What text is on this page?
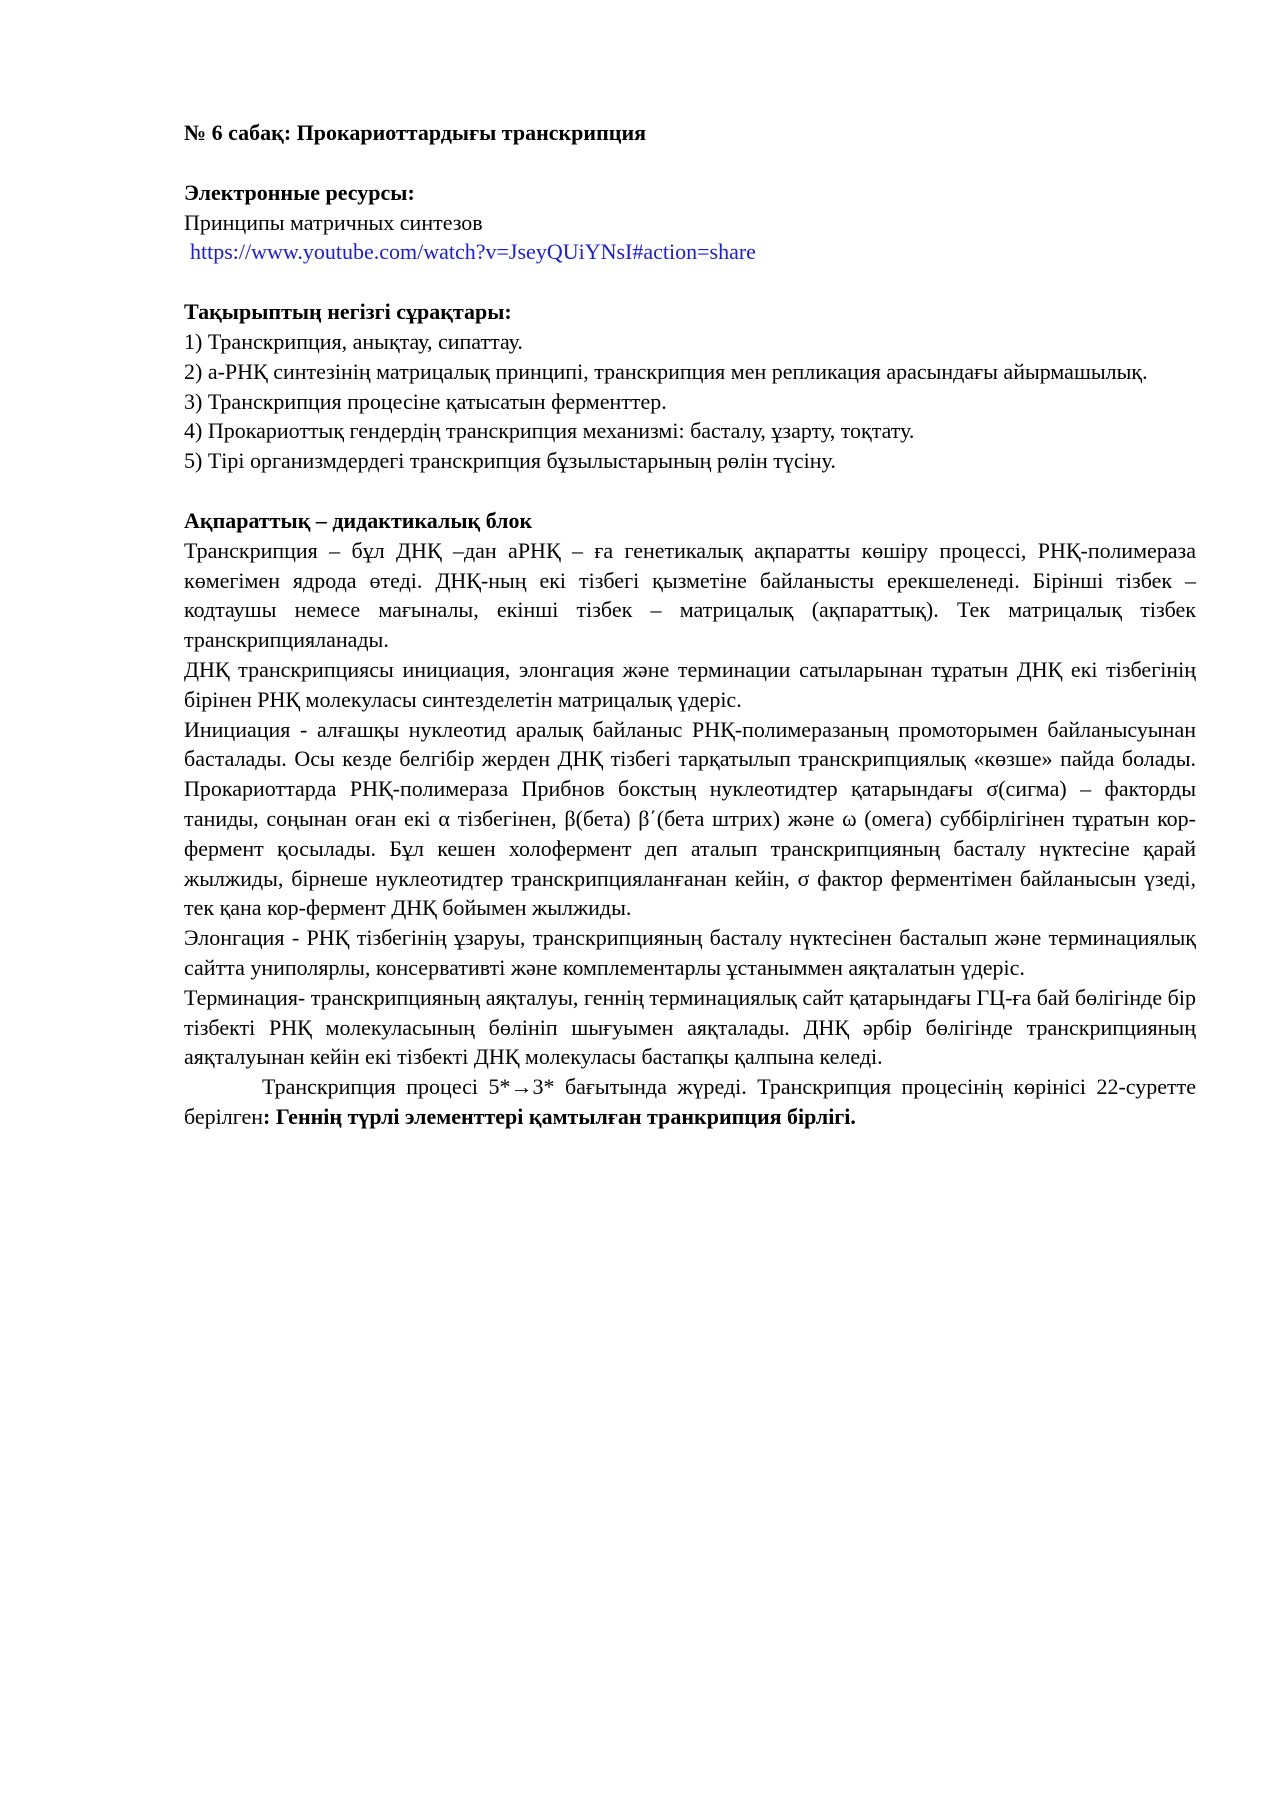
№ 6 сабақ: Прокариоттардығы транскрипция

Электронные ресурсы:

Принципы матричных синтезов

https://www.youtube.com/watch?v=JseyQUiYNsI#action=share

Тақырыптың негізгі сұрақтары:

1) Транскрипция, анықтау, сипаттау.

2) а-РНҚ синтезінің матрицалық принципі, транскрипция мен репликация арасындағы айырмашылық.

3) Транскрипция процесіне қатысатын ферменттер.

4) Прокариоттық гендердің транскрипция механизмі: басталу, ұзарту, тоқтату.

5) Тірі организмдердегі транскрипция бұзылыстарының рөлін түсіну.

Ақпараттық – дидактикалық блок

Транскрипция – бұл ДНҚ –дан аРНҚ – ға генетикалық ақпаратты көшіру процессі, РНҚ-полимераза көмегімен ядрода өтеді. ДНҚ-ның екі тізбегі қызметіне байланысты ерекшеленеді. Бірінші тізбек – кодтаушы немесе мағыналы, екінші тізбек – матрицалық (ақпараттық). Тек матрицалық тізбек транскрипцияланады.

ДНҚ транскрипциясы инициация, элонгация және терминации сатыларынан тұратын ДНҚ екі тізбегінің бірінен РНҚ молекуласы синтезделетін матрицалық үдеріс.

Инициация - алғашқы нуклеотид аралық байланыс РНҚ-полимеразаның промоторымен байланысуынан басталады. Осы кезде белгібір жерден ДНҚ тізбегі тарқатылып транскрипциялық «көзше» пайда болады. Прокариоттарда РНҚ-полимераза Прибнов бокстың нуклеотидтер қатарындағы σ(сигма) – факторды таниды, соңынан оған екі α тізбегінен, β(бета) β΄(бета штрих) және ω (омега) суббірлігінен тұратын кор-фермент қосылады. Бұл кешен холофермент деп аталып транскрипцияның басталу нүктесіне қарай жылжиды, бірнеше нуклеотидтер транскрипцияланғанан кейін, σ фактор ферментімен байланысын үзеді, тек қана кор-фермент ДНҚ бойымен жылжиды.

Элонгация - РНҚ тізбегінің ұзаруы, транскрипцияның басталу нүктесінен басталып және терминациялық сайтта униполярлы, консервативті және комплементарлы ұстаныммен аяқталатын үдеріс.

Терминация- транскрипцияның аяқталуы, геннің терминациялық сайт қатарындағы ГЦ-ға бай бөлігінде бір тізбекті РНҚ молекуласының бөлініп шығуымен аяқталады. ДНҚ әрбір бөлігінде транскрипцияның аяқталуынан кейін екі тізбекті ДНҚ молекуласы бастапқы қалпына келеді.

Транскрипция процесі 5*→3* бағытында жүреді. Транскрипция процесінің көрінісі 22-суретте берілген: Геннің түрлі элементтері қамтылған транкрипция бірлігі.
